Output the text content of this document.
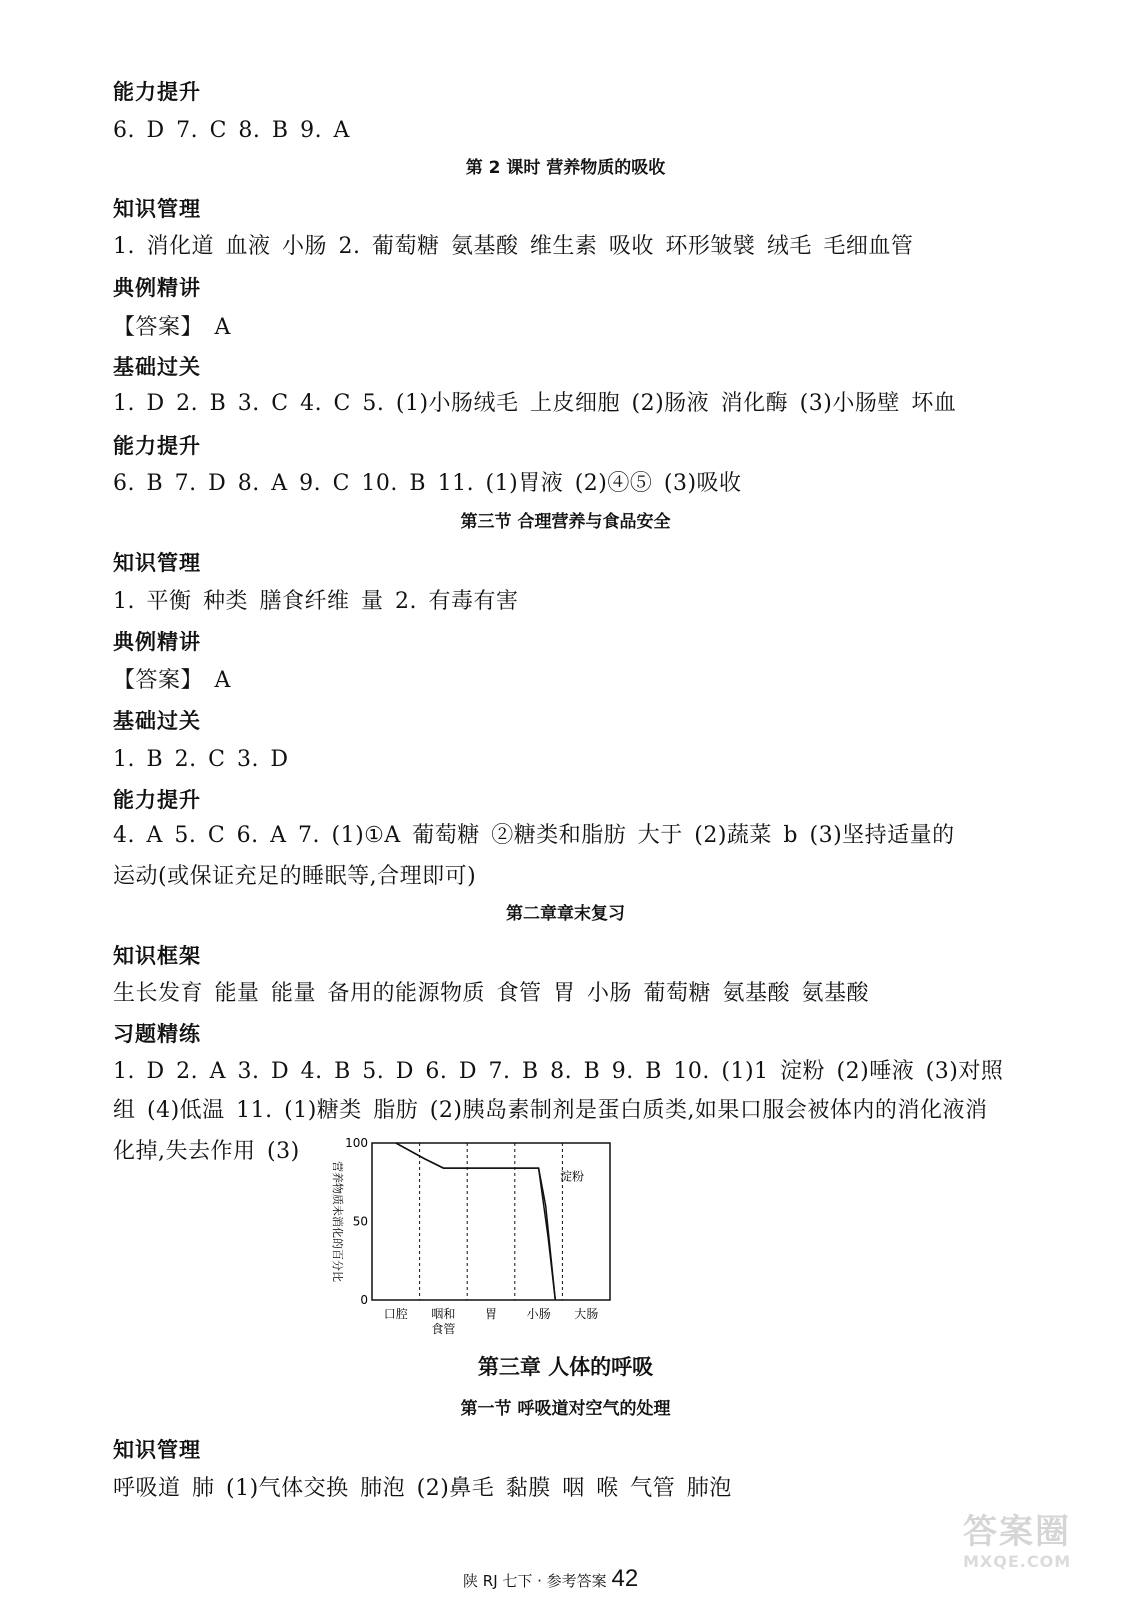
能力提升
6. D 7. C 8. B 9. A
第 2 课时 营养物质的吸收
知识管理
1. 消化道 血液 小肠 2. 葡萄糖 氨基酸 维生素 吸收 环形皱襞 绒毛 毛细血管
典例精讲
【答案】 A
基础过关
1. D 2. B 3. C 4. C 5. (1)小肠绒毛 上皮细胞 (2)肠液 消化酶 (3)小肠壁 坏血
能力提升
6. B 7. D 8. A 9. C 10. B 11. (1)胃液 (2)④⑤ (3)吸收
第三节 合理营养与食品安全
知识管理
1. 平衡 种类 膳食纤维 量 2. 有毒有害
典例精讲
【答案】 A
基础过关
1. B 2. C 3. D
能力提升
4. A 5. C 6. A 7. (1)①A 葡萄糖 ②糖类和脂肪 大于 (2)蔬菜 b (3)坚持适量的
运动(或保证充足的睡眠等,合理即可)
第二章章末复习
知识框架
生长发育 能量 能量 备用的能源物质 食管 胃 小肠 葡萄糖 氨基酸 氨基酸
习题精练
1. D 2. A 3. D 4. B 5. D 6. D 7. B 8. B 9. B 10. (1)1 淀粉 (2)唾液 (3)对照
组 (4)低温 11. (1)糖类 脂肪 (2)胰岛素制剂是蛋白质类,如果口服会被体内的消化液消
化掉,失去作用 (3)
第三章 人体的呼吸
第一节 呼吸道对空气的处理
知识管理
呼吸道 肺 (1)气体交换 肺泡 (2)鼻毛 黏膜 咽 喉 气管 肺泡
100
50
0
口腔 咽和
食管
胃 小肠 大肠
营养物质未消化的百分比	淀粉
陕 RJ 七下 · 参考答案 42
答案圈
MXQE.COM
